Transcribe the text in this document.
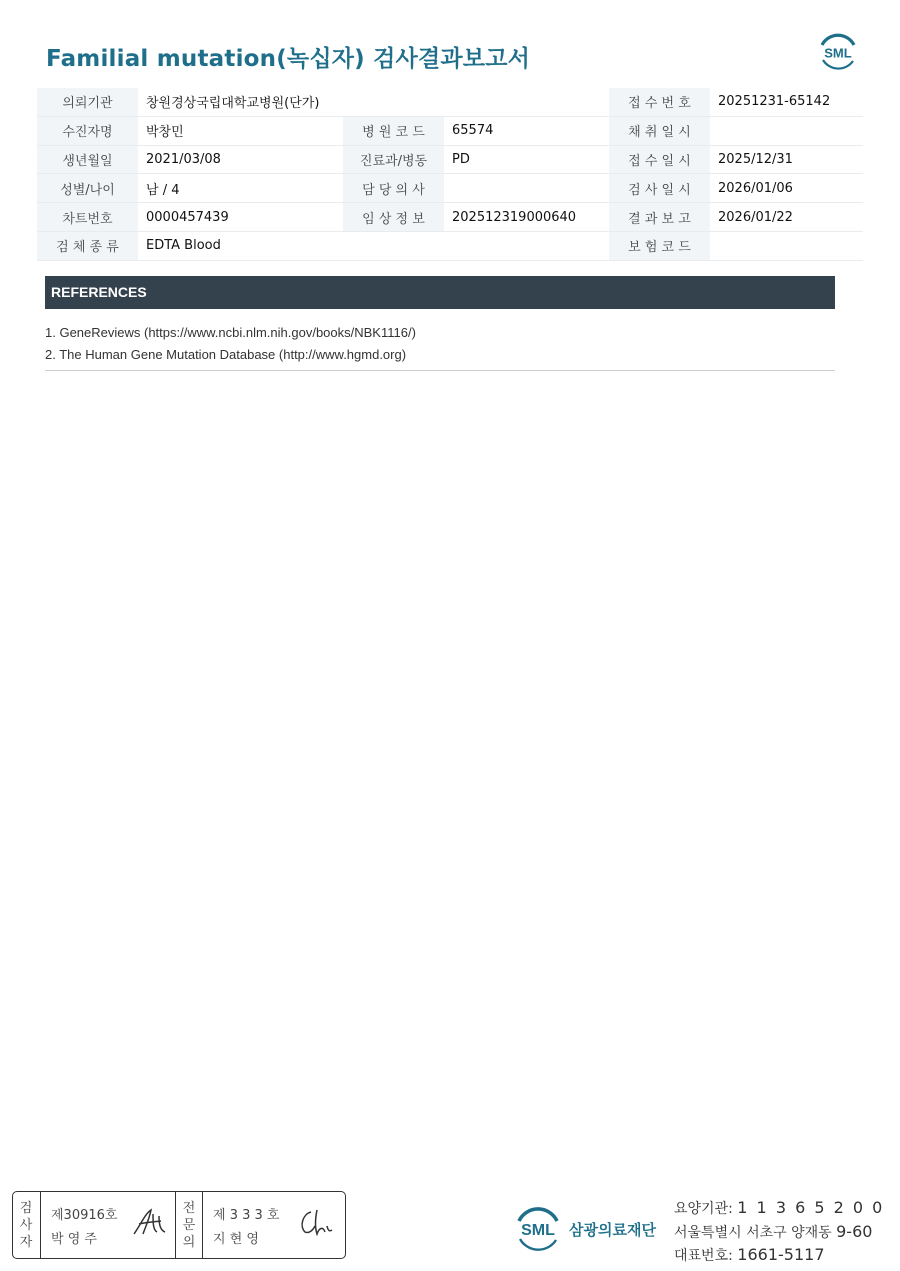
Familial mutation(녹십자) 검사결과보고서	SML
의뢰기관	창원경상국립대학교병원(단가)			접 수 번 호	20251231-65142
수진자명	박창민	병 원 코 드	65574	채 취 일 시	
생년월일	2021/03/08	진료과/병동	PD	접 수 일 시	2025/12/31
성별/나이	남 / 4	담 당 의 사		검 사 일 시	2026/01/06
차트번호	0000457439	임 상 정 보	202512319000640	결 과 보 고	2026/01/22
검 체 종 류	EDTA Blood			보 험 코 드	
REFERENCES
1. GeneReviews (https://www.ncbi.nlm.nih.gov/books/NBK1116/)
2. The Human Gene Mutation Database (http://www.hgmd.org)
검
사
자
제30916호
박 영 주
전
문
의
제 3 3 3 호
지 현 영
SML 삼광의료재단
요양기관: 1 1 3 6 5 2 0 0
서울특별시 서초구 양재동 9-60
대표번호: 1661-5117
